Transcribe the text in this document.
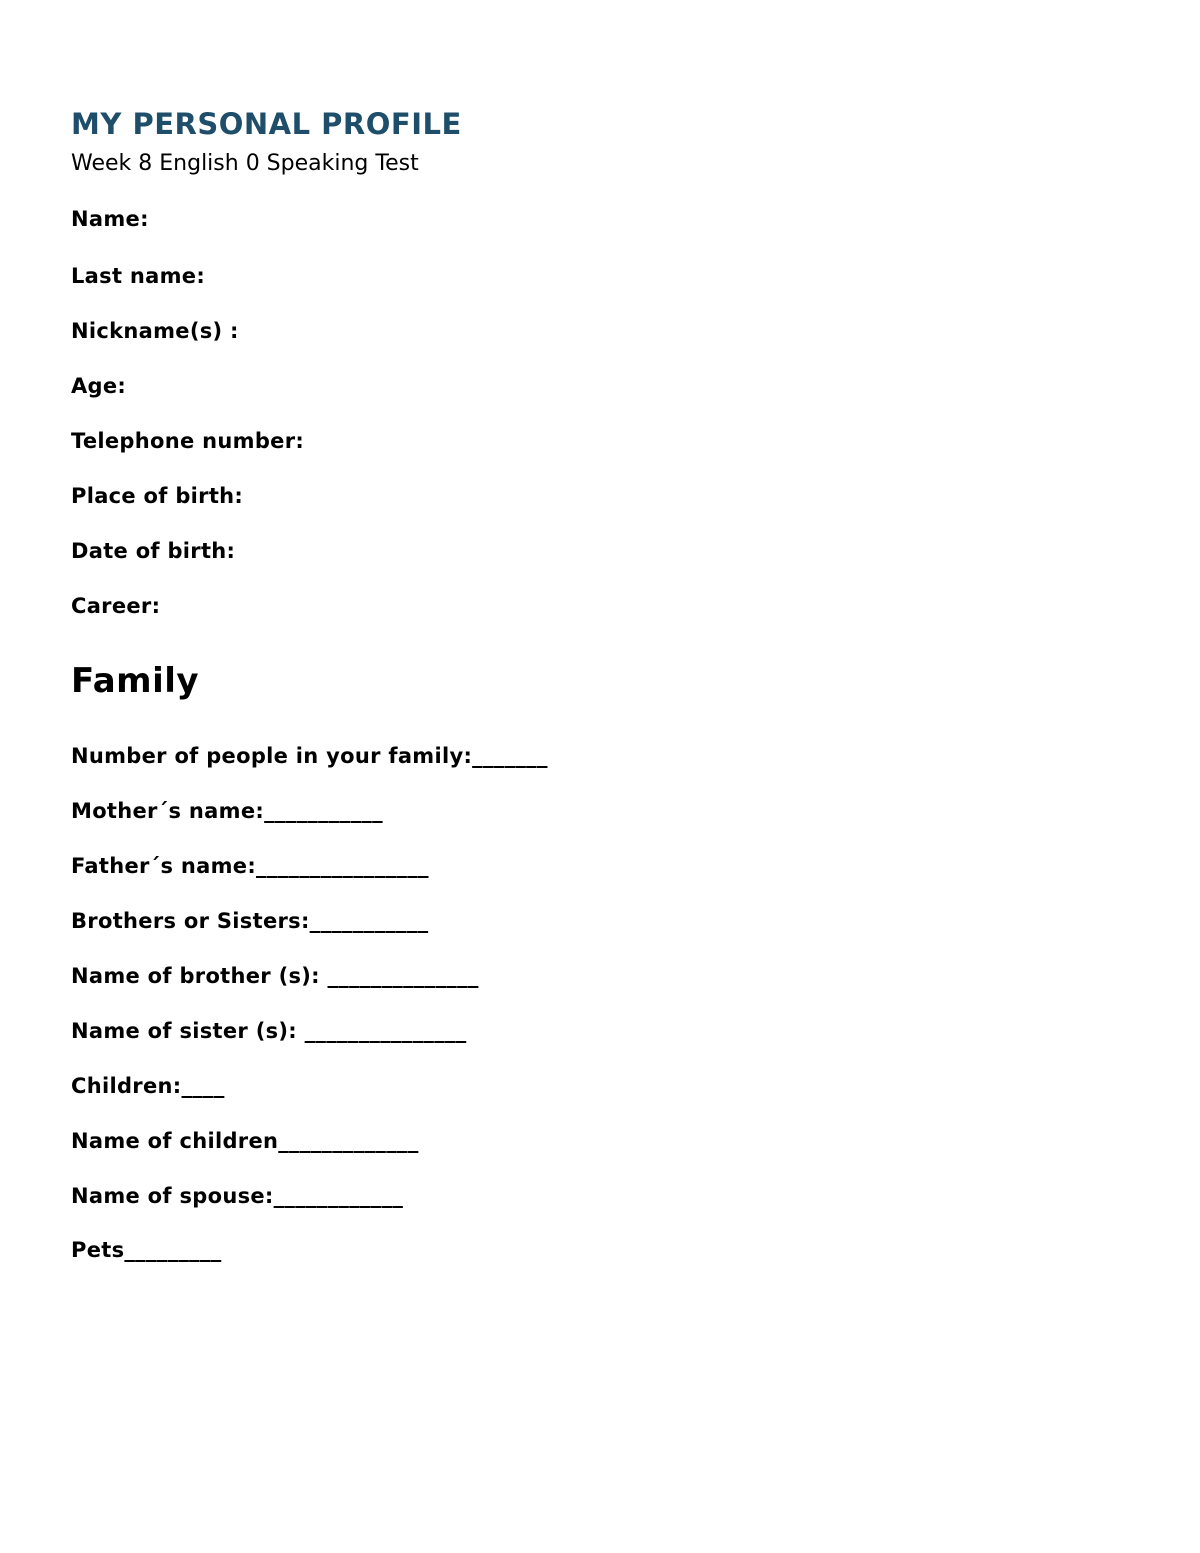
MY PERSONAL PROFILE

Week 8 English 0 Speaking Test

Name:

Last name:

Nickname(s) :

Age:

Telephone number:

Place of birth:

Date of birth:

Career:

Family

Number of people in your family:_______

Mother´s name:___________

Father´s name:________________

Brothers or Sisters:___________

Name of brother (s): ______________

Name of sister (s): _______________

Children:____

Name of children_____________

Name of spouse:____________

Pets_________
